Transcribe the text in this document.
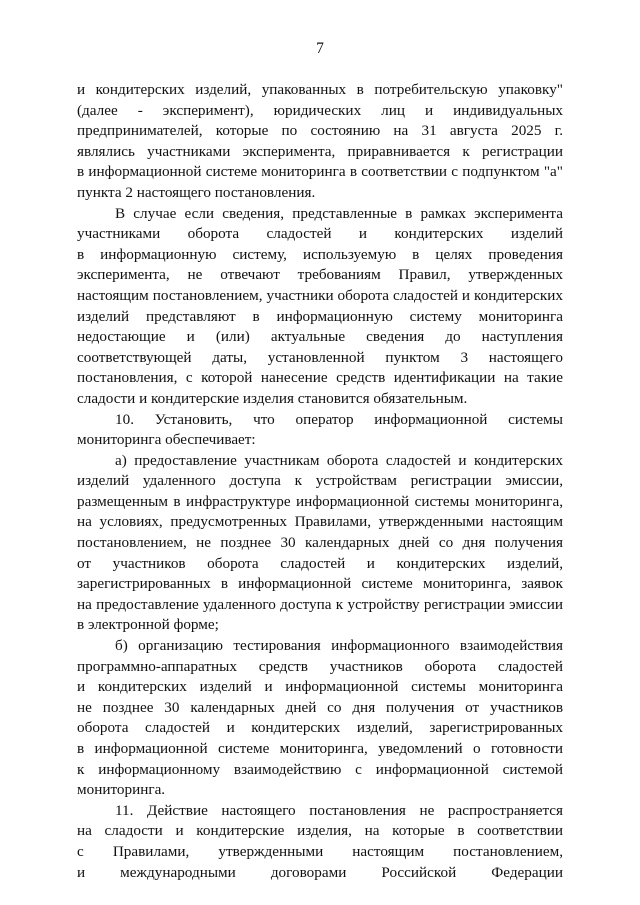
7
и кондитерских изделий, упакованных в потребительскую упаковку"
(далее - эксперимент), юридических лиц и индивидуальных
предпринимателей, которые по состоянию на 31 августа 2025 г.
являлись участниками эксперимента, приравнивается к регистрации
в информационной системе мониторинга в соответствии с подпунктом "а"
пункта 2 настоящего постановления.
В случае если сведения, представленные в рамках эксперимента
участниками оборота сладостей и кондитерских изделий
в информационную систему, используемую в целях проведения
эксперимента, не отвечают требованиям Правил, утвержденных
настоящим постановлением, участники оборота сладостей и кондитерских
изделий представляют в информационную систему мониторинга
недостающие и (или) актуальные сведения до наступления
соответствующей даты, установленной пунктом 3 настоящего
постановления, с которой нанесение средств идентификации на такие
сладости и кондитерские изделия становится обязательным.
10. Установить, что оператор информационной системы
мониторинга обеспечивает:
а) предоставление участникам оборота сладостей и кондитерских
изделий удаленного доступа к устройствам регистрации эмиссии,
размещенным в инфраструктуре информационной системы мониторинга,
на условиях, предусмотренных Правилами, утвержденными настоящим
постановлением, не позднее 30 календарных дней со дня получения
от участников оборота сладостей и кондитерских изделий,
зарегистрированных в информационной системе мониторинга, заявок
на предоставление удаленного доступа к устройству регистрации эмиссии
в электронной форме;
б) организацию тестирования информационного взаимодействия
программно-аппаратных средств участников оборота сладостей
и кондитерских изделий и информационной системы мониторинга
не позднее 30 календарных дней со дня получения от участников
оборота сладостей и кондитерских изделий, зарегистрированных
в информационной системе мониторинга, уведомлений о готовности
к информационному взаимодействию с информационной системой
мониторинга.
11. Действие настоящего постановления не распространяется
на сладости и кондитерские изделия, на которые в соответствии
с Правилами, утвержденными настоящим постановлением,
и международными договорами Российской Федерации
